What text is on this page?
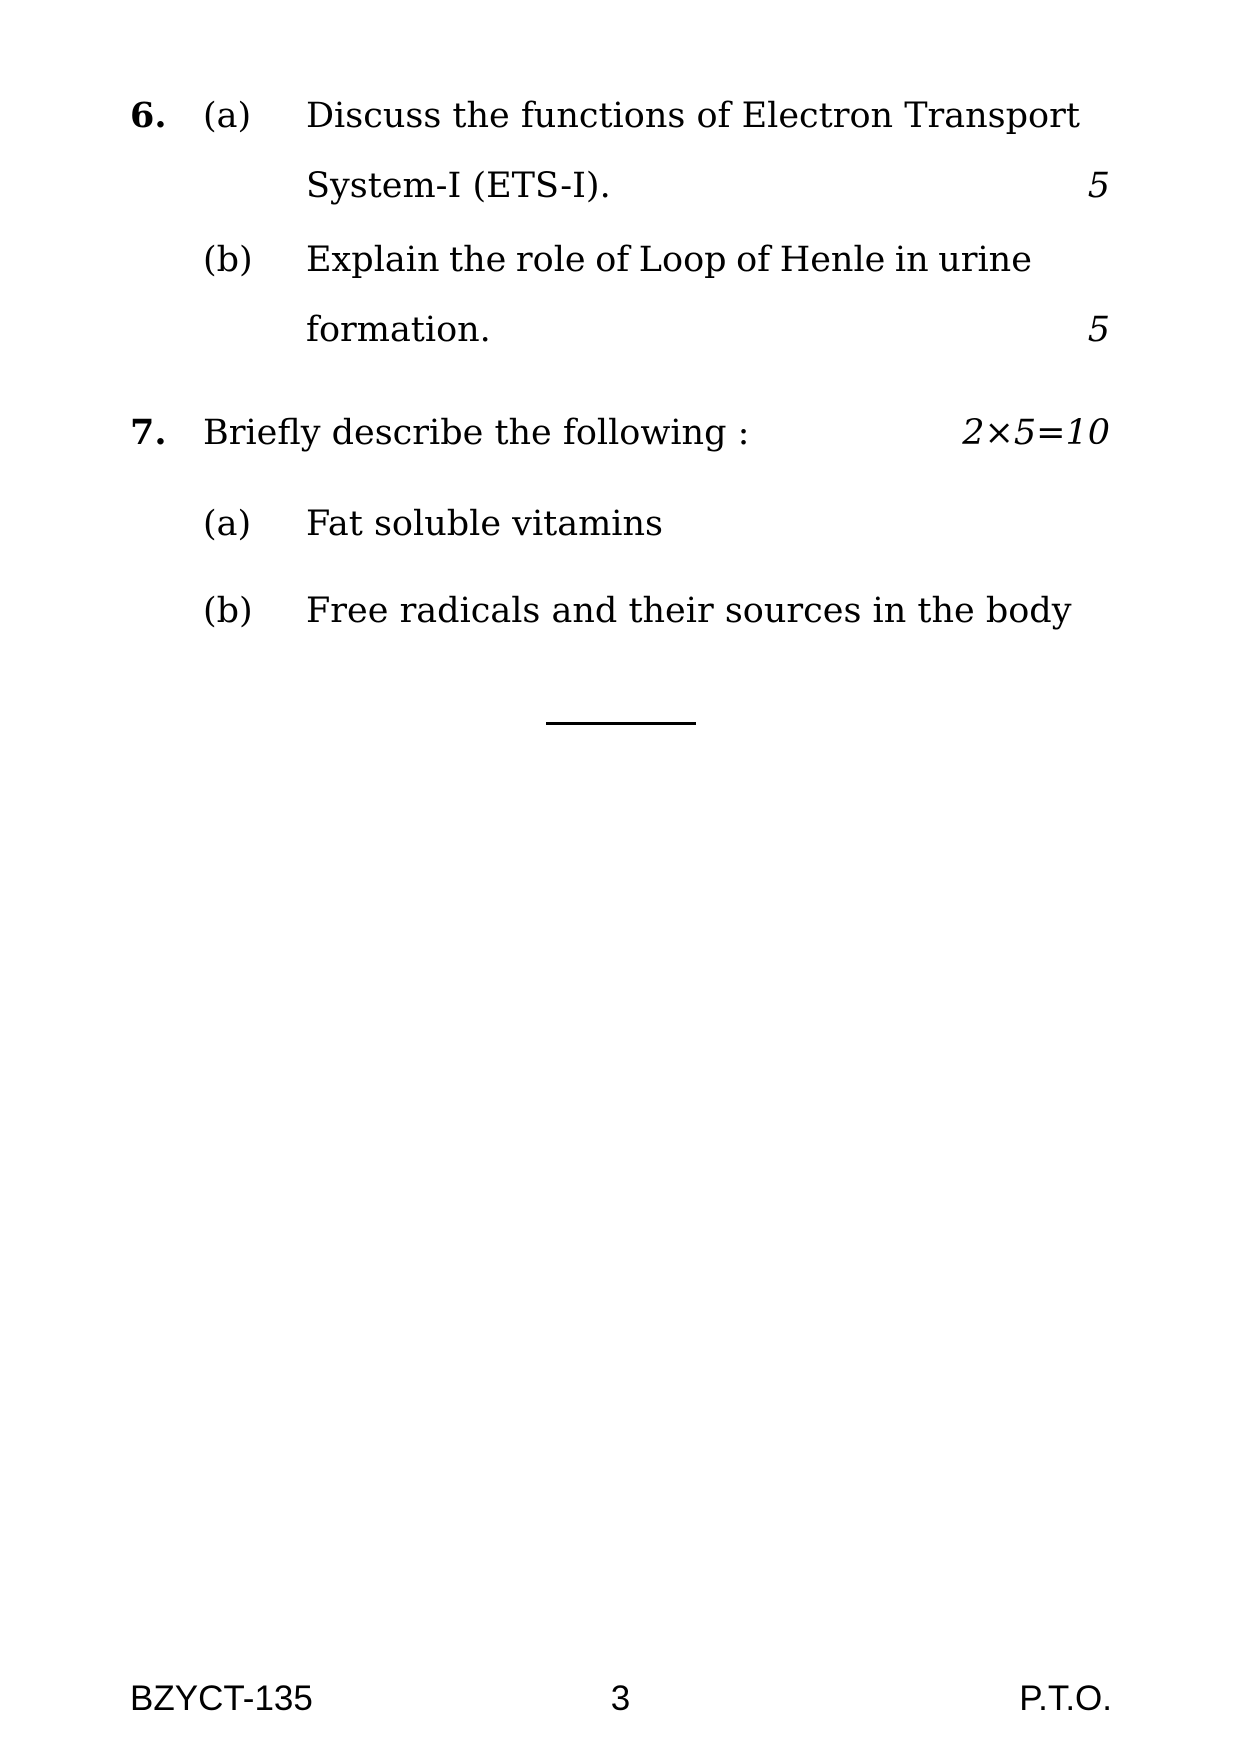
6. (a) Discuss the functions of Electron Transport
System-I (ETS-I).	5
(b) Explain the role of Loop of Henle in urine
formation.	5
7. Briefly describe the following :	2×5=10
(a) Fat soluble vitamins
(b) Free radicals and their sources in the body
BZYCT-135	3	P.T.O.
